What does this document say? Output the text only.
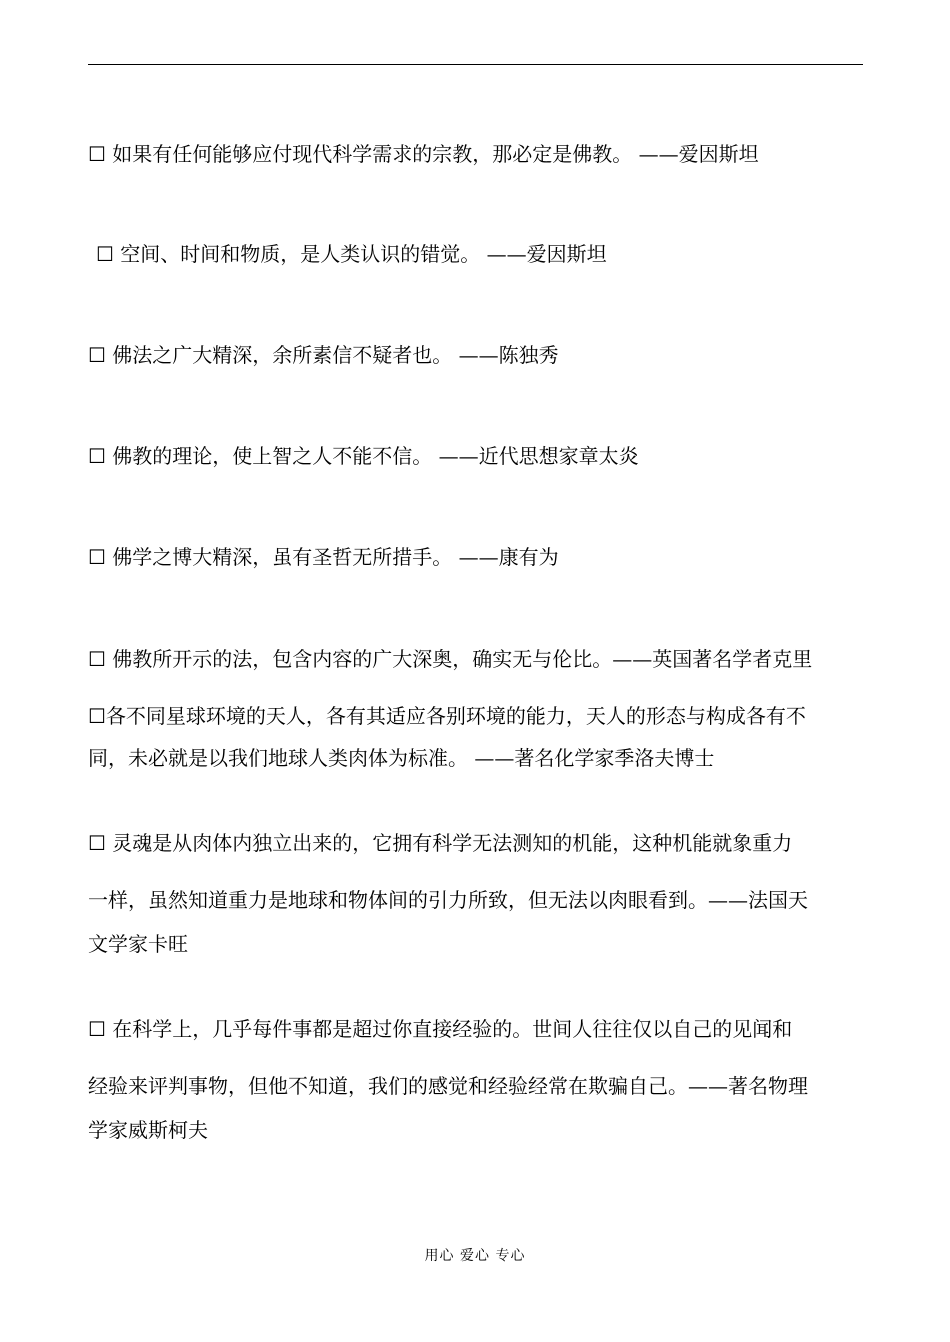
☐ 如果有任何能够应付现代科学需求的宗教，那必定是佛教。 ——爱因斯坦
☐ 空间、时间和物质，是人类认识的错觉。 ——爱因斯坦
☐ 佛法之广大精深，余所素信不疑者也。 ——陈独秀
☐ 佛教的理论，使上智之人不能不信。 ——近代思想家章太炎
☐ 佛学之博大精深，虽有圣哲无所措手。 ——康有为
☐ 佛教所开示的法，包含内容的广大深奥，确实无与伦比。——英国著名学者克里
☐各不同星球环境的天人，各有其适应各别环境的能力，天人的形态与构成各有不
同，未必就是以我们地球人类肉体为标准。 ——著名化学家季洛夫博士
☐ 灵魂是从肉体内独立出来的，它拥有科学无法测知的机能，这种机能就象重力
一样，虽然知道重力是地球和物体间的引力所致，但无法以肉眼看到。——法国天
文学家卡旺
☐ 在科学上，几乎每件事都是超过你直接经验的。世间人往往仅以自己的见闻和
经验来评判事物，但他不知道，我们的感觉和经验经常在欺骗自己。——著名物理
学家威斯柯夫
用心 爱心 专心
